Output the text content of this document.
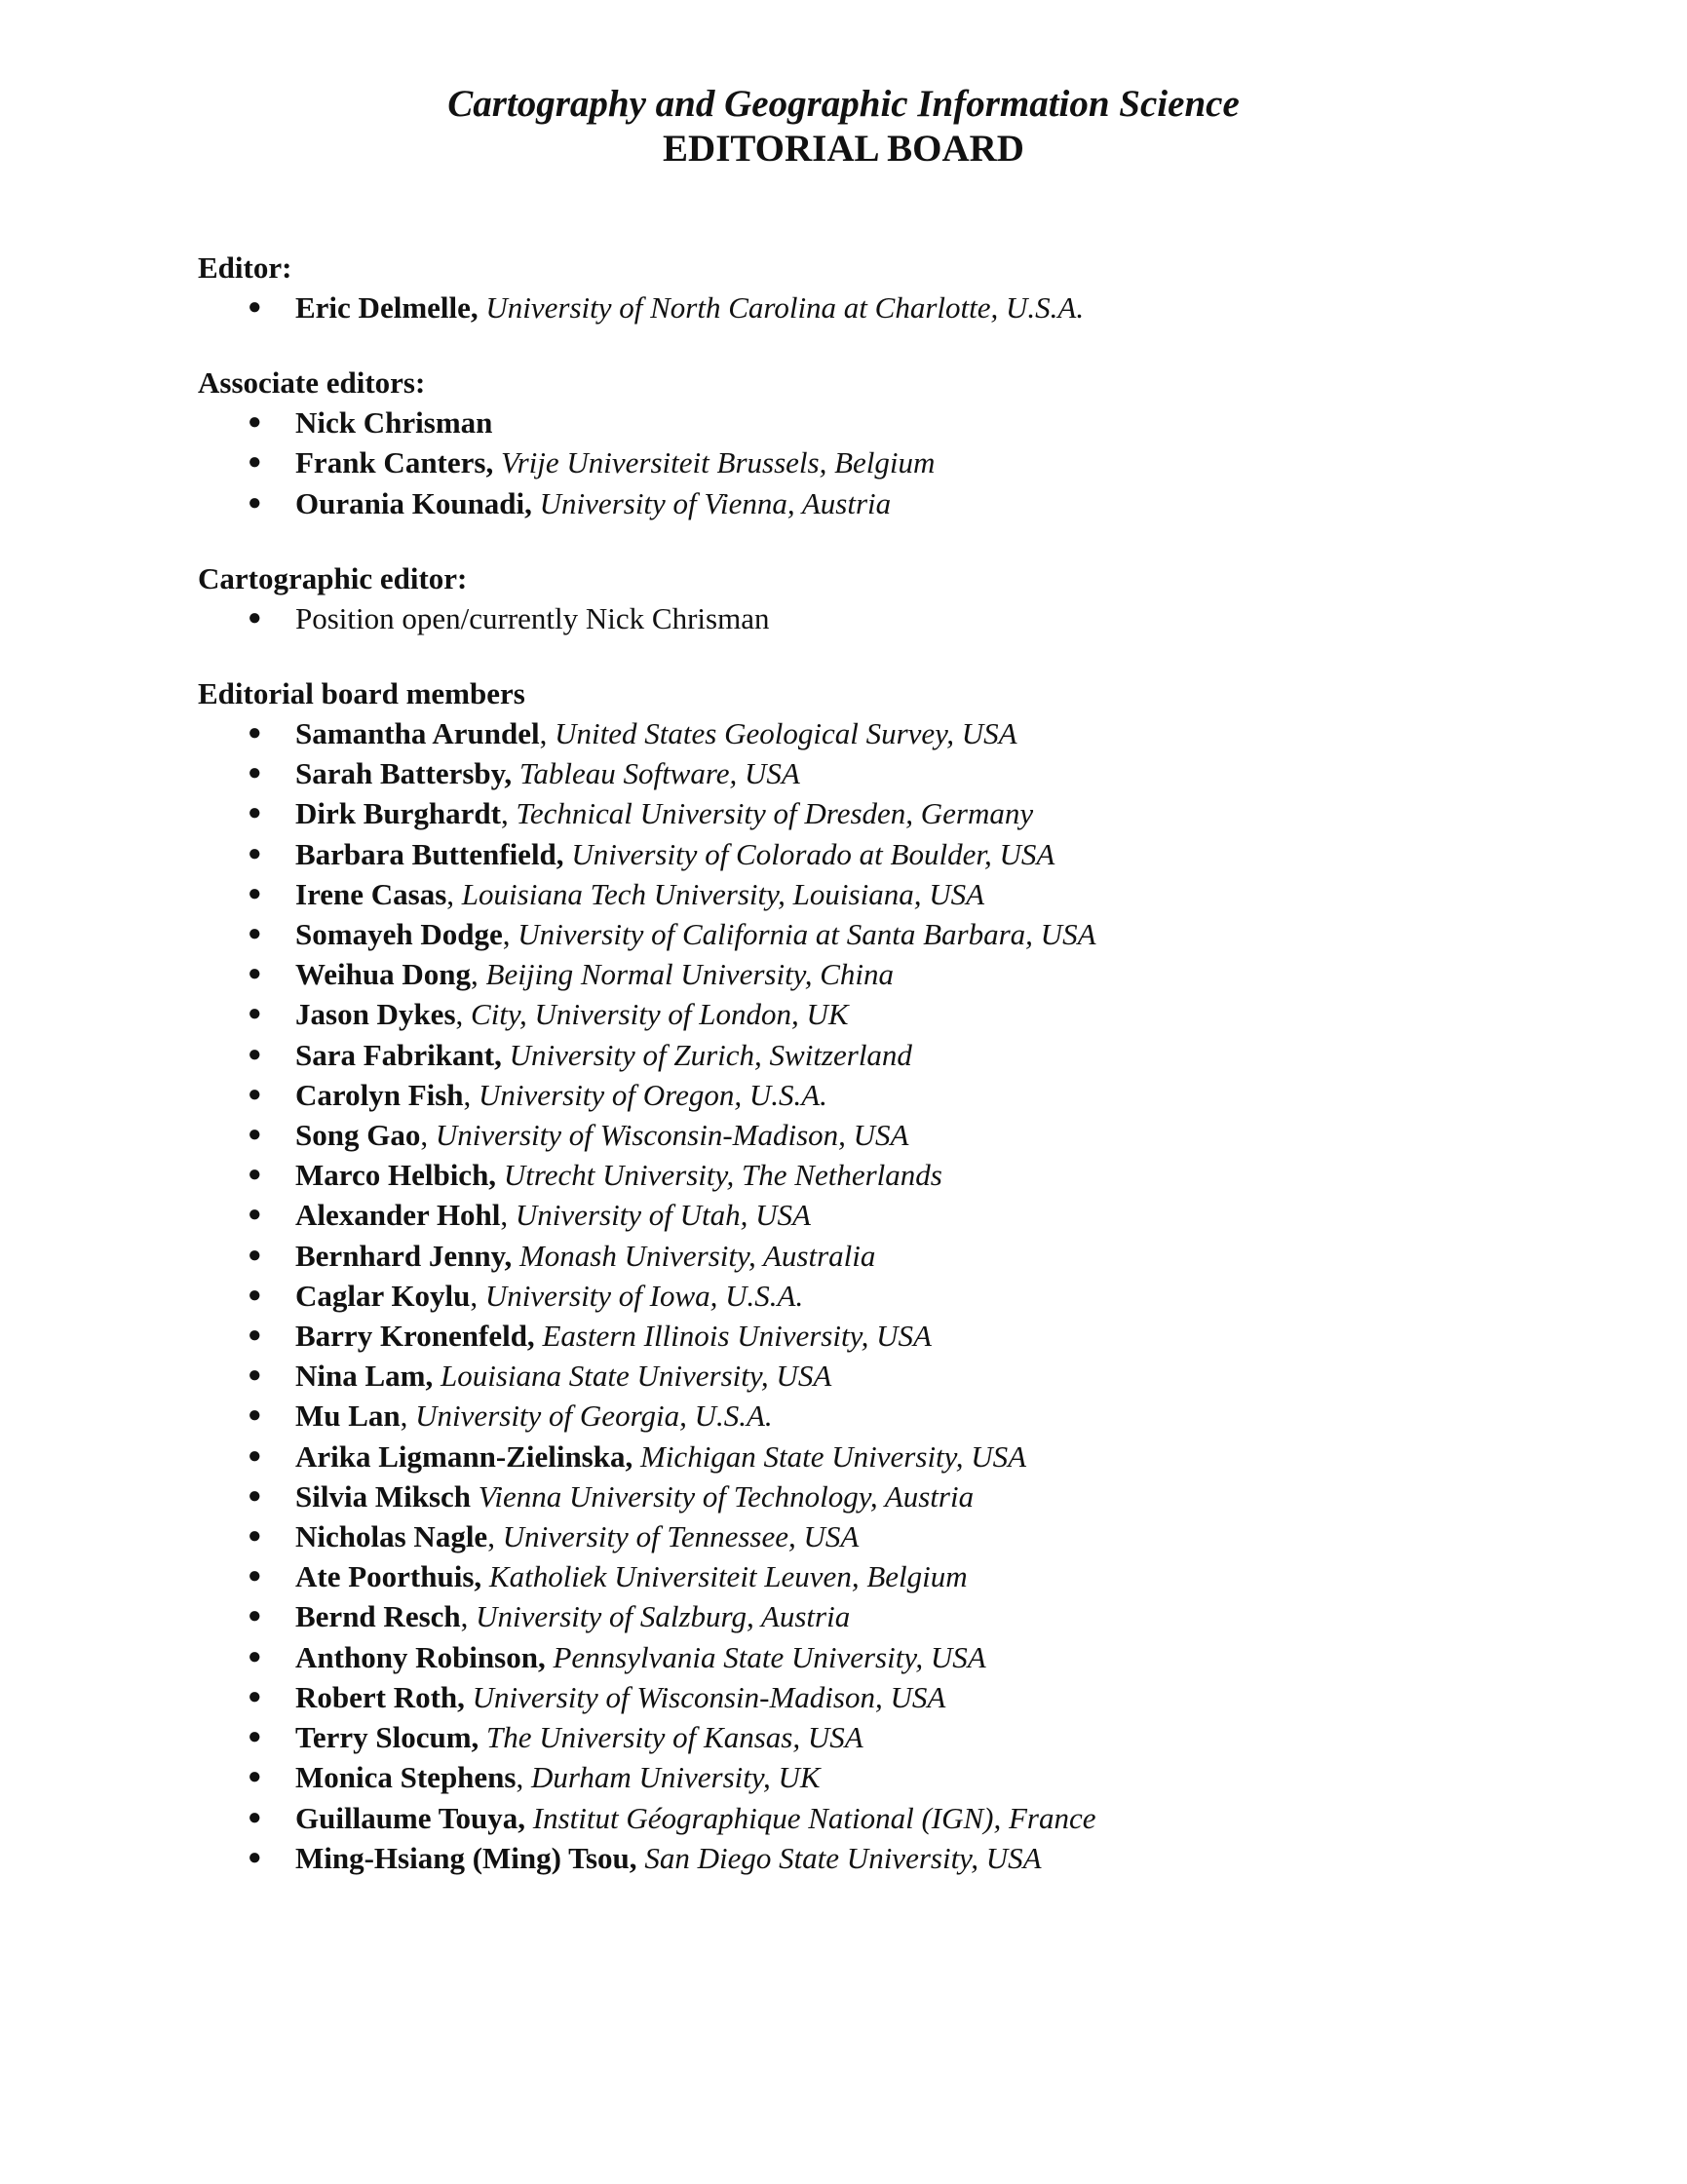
Cartography and Geographic Information Science

EDITORIAL BOARD

Editor:

● Eric Delmelle, University of North Carolina at Charlotte, U.S.A.

Associate editors:

● Nick Chrisman
● Frank Canters, Vrije Universiteit Brussels, Belgium
● Ourania Kounadi, University of Vienna, Austria

Cartographic editor:

● Position open/currently Nick Chrisman

Editorial board members

● Samantha Arundel, United States Geological Survey, USA
● Sarah Battersby, Tableau Software, USA
● Dirk Burghardt, Technical University of Dresden, Germany
● Barbara Buttenfield, University of Colorado at Boulder, USA
● Irene Casas, Louisiana Tech University, Louisiana, USA
● Somayeh Dodge, University of California at Santa Barbara, USA
● Weihua Dong, Beijing Normal University, China
● Jason Dykes, City, University of London, UK
● Sara Fabrikant, University of Zurich, Switzerland
● Carolyn Fish, University of Oregon, U.S.A.
● Song Gao, University of Wisconsin-Madison, USA
● Marco Helbich, Utrecht University, The Netherlands
● Alexander Hohl, University of Utah, USA
● Bernhard Jenny, Monash University, Australia
● Caglar Koylu, University of Iowa, U.S.A.
● Barry Kronenfeld, Eastern Illinois University, USA
● Nina Lam, Louisiana State University, USA
● Mu Lan, University of Georgia, U.S.A.
● Arika Ligmann-Zielinska, Michigan State University, USA
● Silvia Miksch Vienna University of Technology, Austria
● Nicholas Nagle, University of Tennessee, USA
● Ate Poorthuis, Katholiek Universiteit Leuven, Belgium
● Bernd Resch, University of Salzburg, Austria
● Anthony Robinson, Pennsylvania State University, USA
● Robert Roth, University of Wisconsin-Madison, USA
● Terry Slocum, The University of Kansas, USA
● Monica Stephens, Durham University, UK
● Guillaume Touya, Institut Géographique National (IGN), France
● Ming-Hsiang (Ming) Tsou, San Diego State University, USA
